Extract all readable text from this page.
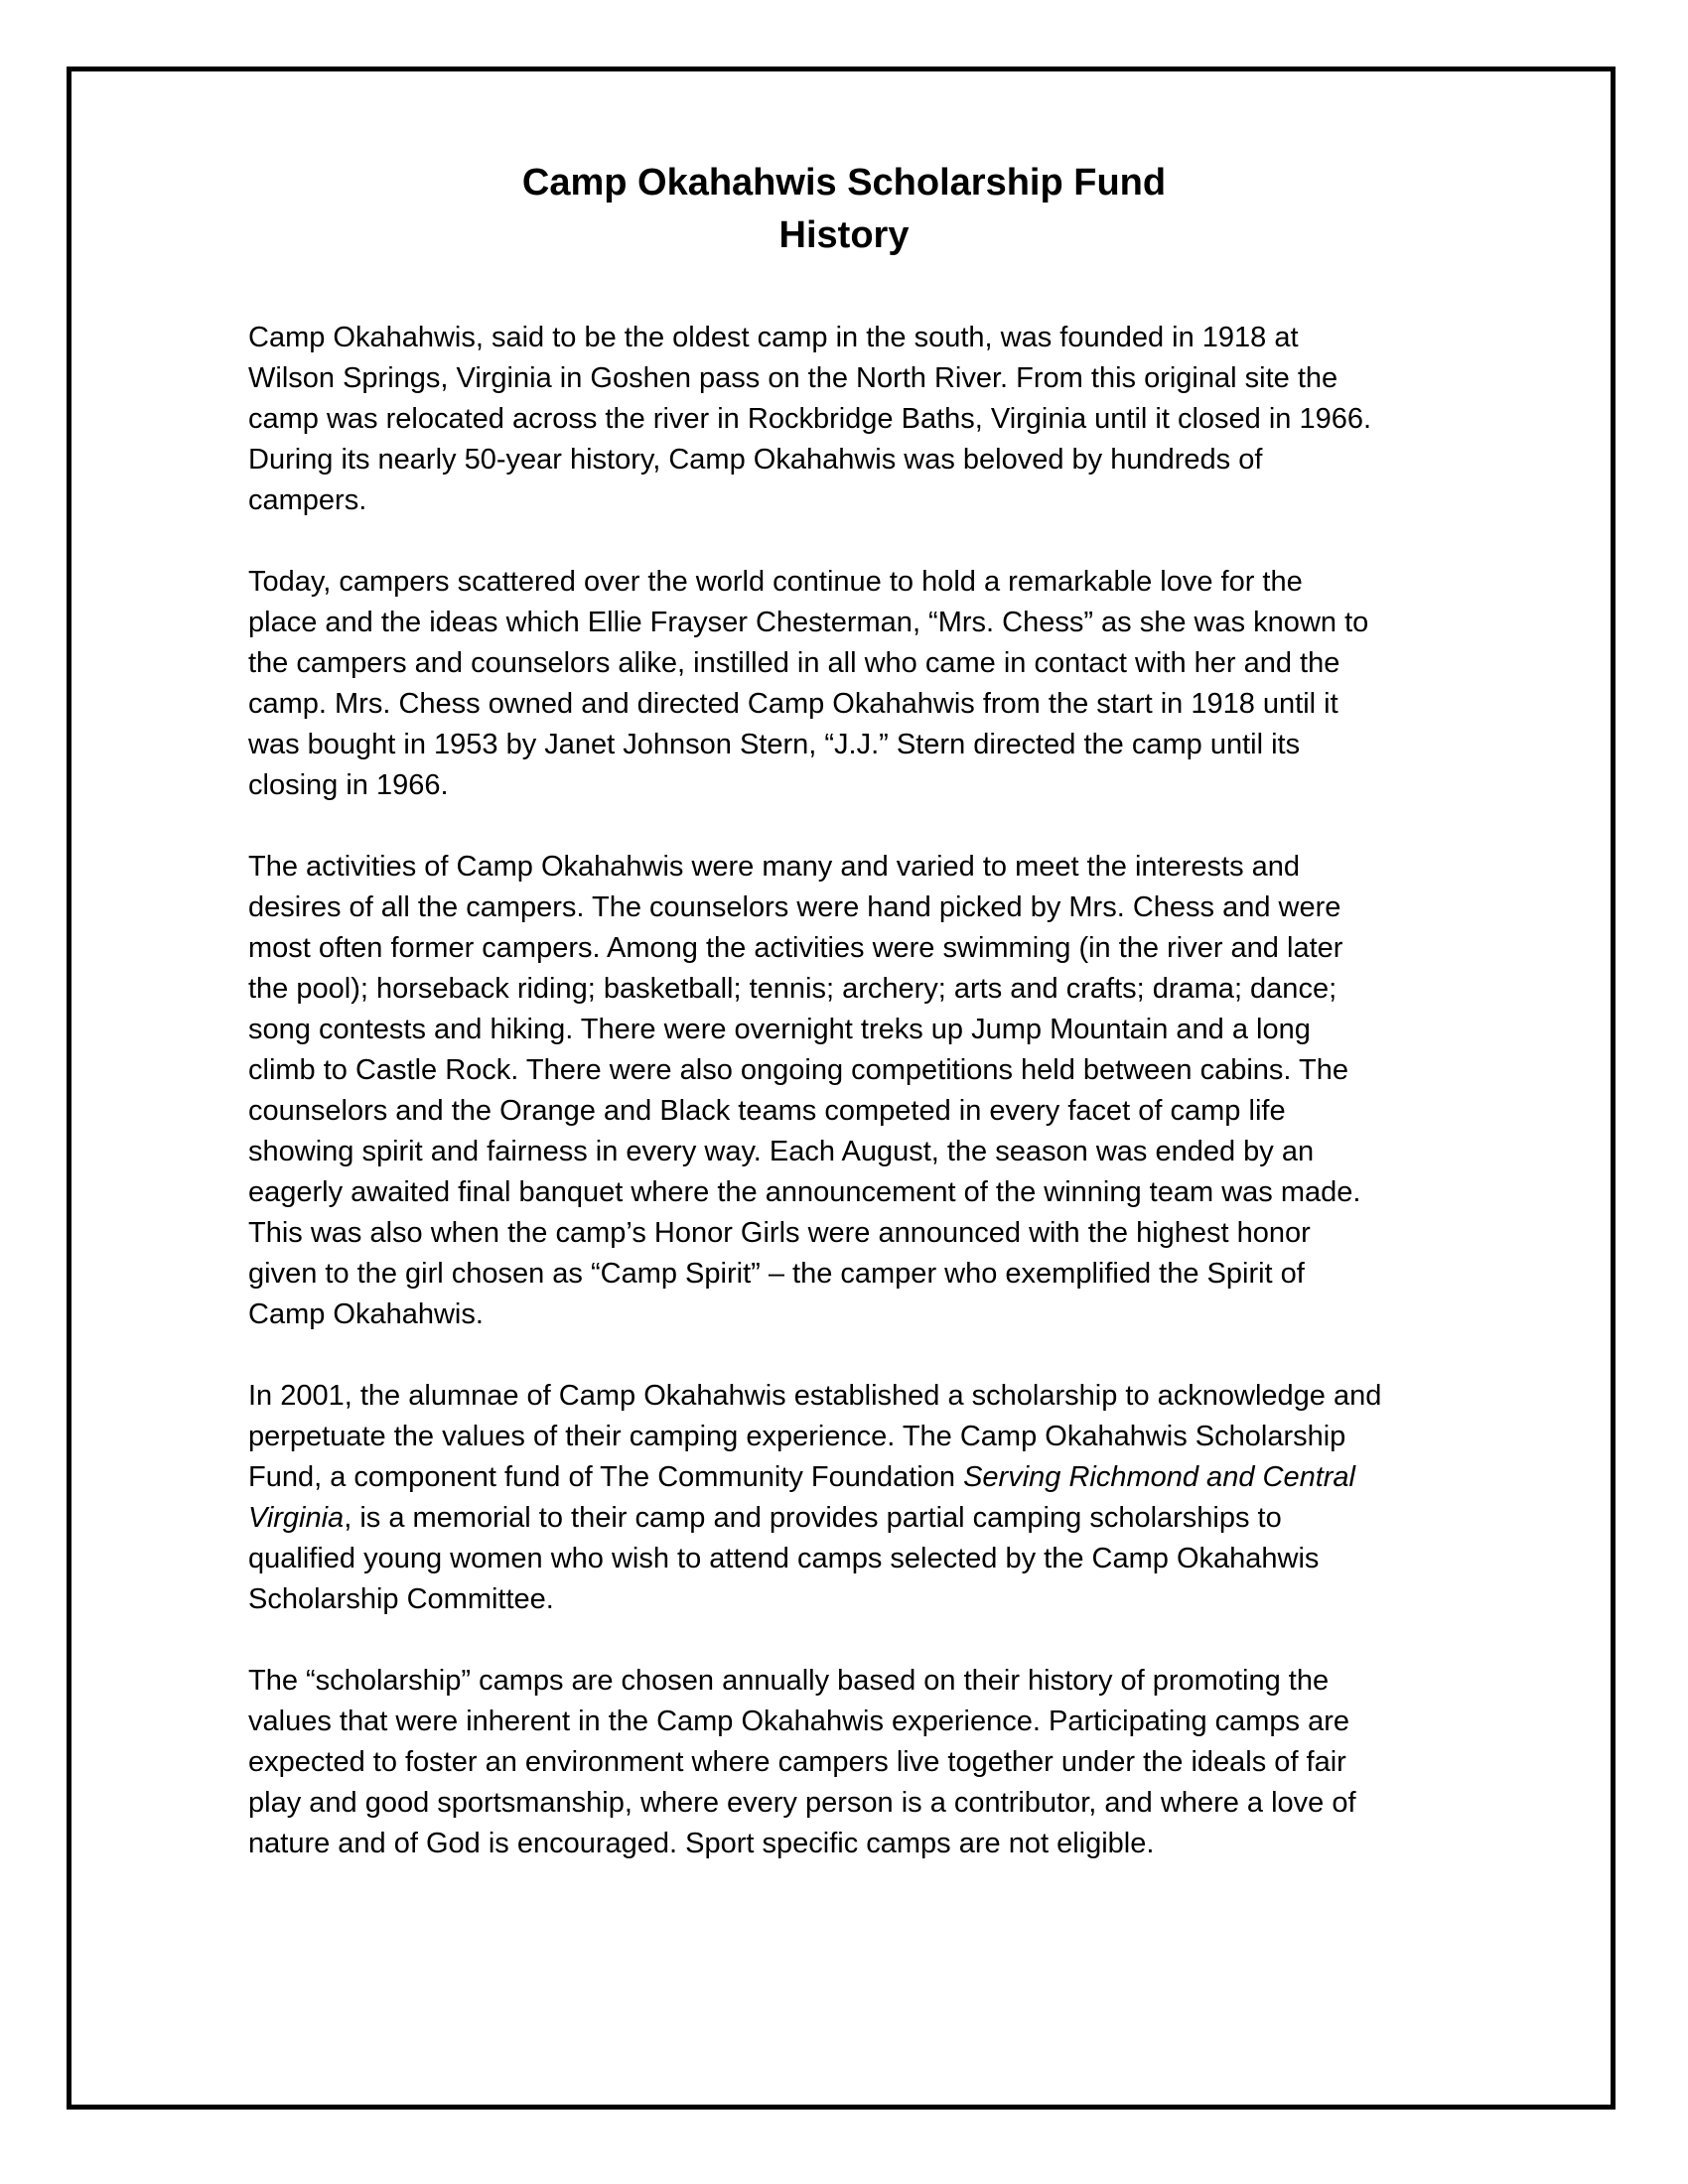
Camp Okahahwis Scholarship Fund
History

Camp Okahahwis, said to be the oldest camp in the south, was founded in 1918 at
Wilson Springs, Virginia in Goshen pass on the North River. From this original site the
camp was relocated across the river in Rockbridge Baths, Virginia until it closed in 1966.
During its nearly 50-year history, Camp Okahahwis was beloved by hundreds of
campers.

Today, campers scattered over the world continue to hold a remarkable love for the
place and the ideas which Ellie Frayser Chesterman, “Mrs. Chess” as she was known to
the campers and counselors alike, instilled in all who came in contact with her and the
camp. Mrs. Chess owned and directed Camp Okahahwis from the start in 1918 until it
was bought in 1953 by Janet Johnson Stern, “J.J.” Stern directed the camp until its
closing in 1966.

The activities of Camp Okahahwis were many and varied to meet the interests and
desires of all the campers. The counselors were hand picked by Mrs. Chess and were
most often former campers. Among the activities were swimming (in the river and later
the pool); horseback riding; basketball; tennis; archery; arts and crafts; drama; dance;
song contests and hiking. There were overnight treks up Jump Mountain and a long
climb to Castle Rock. There were also ongoing competitions held between cabins. The
counselors and the Orange and Black teams competed in every facet of camp life
showing spirit and fairness in every way. Each August, the season was ended by an
eagerly awaited final banquet where the announcement of the winning team was made.
This was also when the camp’s Honor Girls were announced with the highest honor
given to the girl chosen as “Camp Spirit” – the camper who exemplified the Spirit of
Camp Okahahwis.

In 2001, the alumnae of Camp Okahahwis established a scholarship to acknowledge and
perpetuate the values of their camping experience. The Camp Okahahwis Scholarship
Fund, a component fund of The Community Foundation Serving Richmond and Central
Virginia, is a memorial to their camp and provides partial camping scholarships to
qualified young women who wish to attend camps selected by the Camp Okahahwis
Scholarship Committee.

The “scholarship” camps are chosen annually based on their history of promoting the
values that were inherent in the Camp Okahahwis experience. Participating camps are
expected to foster an environment where campers live together under the ideals of fair
play and good sportsmanship, where every person is a contributor, and where a love of
nature and of God is encouraged. Sport specific camps are not eligible.
